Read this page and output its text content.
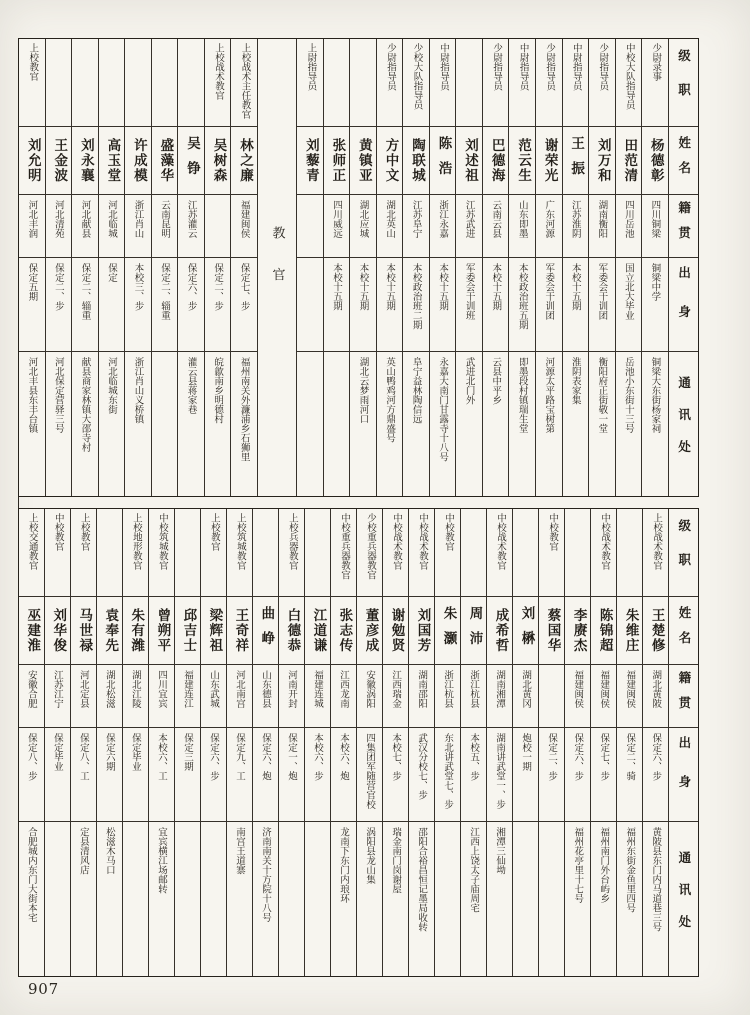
级职
姓名
籍贯
出身
通讯处
少尉录事
杨德彰
四川铜梁
铜梁中学
铜梁大东街杨家祠
中校大队指导员
田范清
四川岳池
国立北大毕业
岳池小东街十三号
少尉指导员
刘万和
湖南衡阳
军委会干训团
衡阳府正街敬一堂
中尉指导员
王振
江苏淮阴
本校十五期
淮阴表家集
少尉指导员
谢荣光
广东河源
军委会干训团
河源太平路宝树第
中尉指导员
范云生
山东即墨
本校政治班五期
即墨段村镇瑞生堂
少尉指导员
巴德海
云南云县
本校十五期
云县中平乡
刘述祖
江苏武进
军委会干训班
武进北门外
中尉指导员
陈浩
浙江永嘉
本校十五期
永嘉大南门甘露寺十八号
少校大队指导员
陶联城
江苏阜宁
本校政治班二期
阜宁益林陶信远
少尉指导员
方中文
湖北英山
本校十五期
英山鸭鸡河方鼎盛号
黄镇亚
湖北应城
本校十五期
湖北云梦雨河口
张师正
四川威远
本校十五期
上尉指导员
刘藜青
教官
上校战术主任教官
林之廉
福建闽侯
保定七、步
福州南关外濂浦乡石狮里
上校战术教官
吴树森
保定二、步
皖歙南乡明德村
吴铮
江苏灌云
保定六、步
灌云县蒋家巷
盛藻华
云南昆明
保定二、辎重
许成模
浙江肖山
本校三、步
浙江肖山义桥镇
高玉堂
河北临城
保定
河北临城东街
刘永襄
河北献县
保定二、辎重
献县商家林镇大邵寺村
王金波
河北清苑
保定二、步
河北保定营驿三号
上校教官
刘允明
河北丰润
保定五期
河北丰县东丰台镇
级职
姓名
籍贯
出身
通讯处
上校战术教官
王楚修
湖北黄陂
保定六、步
黄陂县东门内马道巷三号
朱维庄
福建闽侯
保定二、骑
福州东街金鱼里四号
中校战术教官
陈锦超
福建闽侯
保定七、步
福州南门外台屿乡
李赓杰
福建闽侯
保定六、步
福州花亭里十七号
中校教官
蔡国华
保定二、步
刘楙
湖北黄冈
炮校一期
中校战术教官
成希哲
湖南湘潭
湖南讲武堂一、步
湘潭三仙坳
周沛
浙江杭县
本校五、步
江西上饶太子庙周宅
中校教官
朱灏
浙江杭县
东北讲武堂七、步
中校战术教官
刘国芳
湖南邵阳
武汉分校七、步
邵阳合裕昌恒记墨局收转
中校战术教官
谢勉贤
江西瑞金
本校七、步
瑞金南门岗谢屋
少校重兵器教官
董彦成
安徽涡阳
四集团军随营官校
涡阳县龙山集
中校重兵器教官
张志传
江西龙南
本校六、炮
龙南下东门内琅环
江道谦
福建连城
本校六、步
上校兵器教官
白德恭
河南开封
保定一、炮
曲峥
山东德县
保定六、炮
济南南关十方院十八号
上校筑城教官
王奇祥
河北南宫
保定九、工
南宫王道寨
上校教官
梁辉祖
山东武城
保定六、步
邱吉士
福建连江
保定三期
中校筑城教官
曾朔平
四川宜宾
本校六、工
宜宾横江场邮转
上校地形教官
朱有潍
湖北江陵
保定毕业
袁奉先
湖北松滋
保定六期
松滋木马口
上校教官
马世禄
河北定县
保定八、工
定县清风店
中校教官
刘华俊
江苏江宁
保定毕业
上校交通教官
巫建淮
安徽合肥
保定八、步
合肥城内东门大街本宅
907
